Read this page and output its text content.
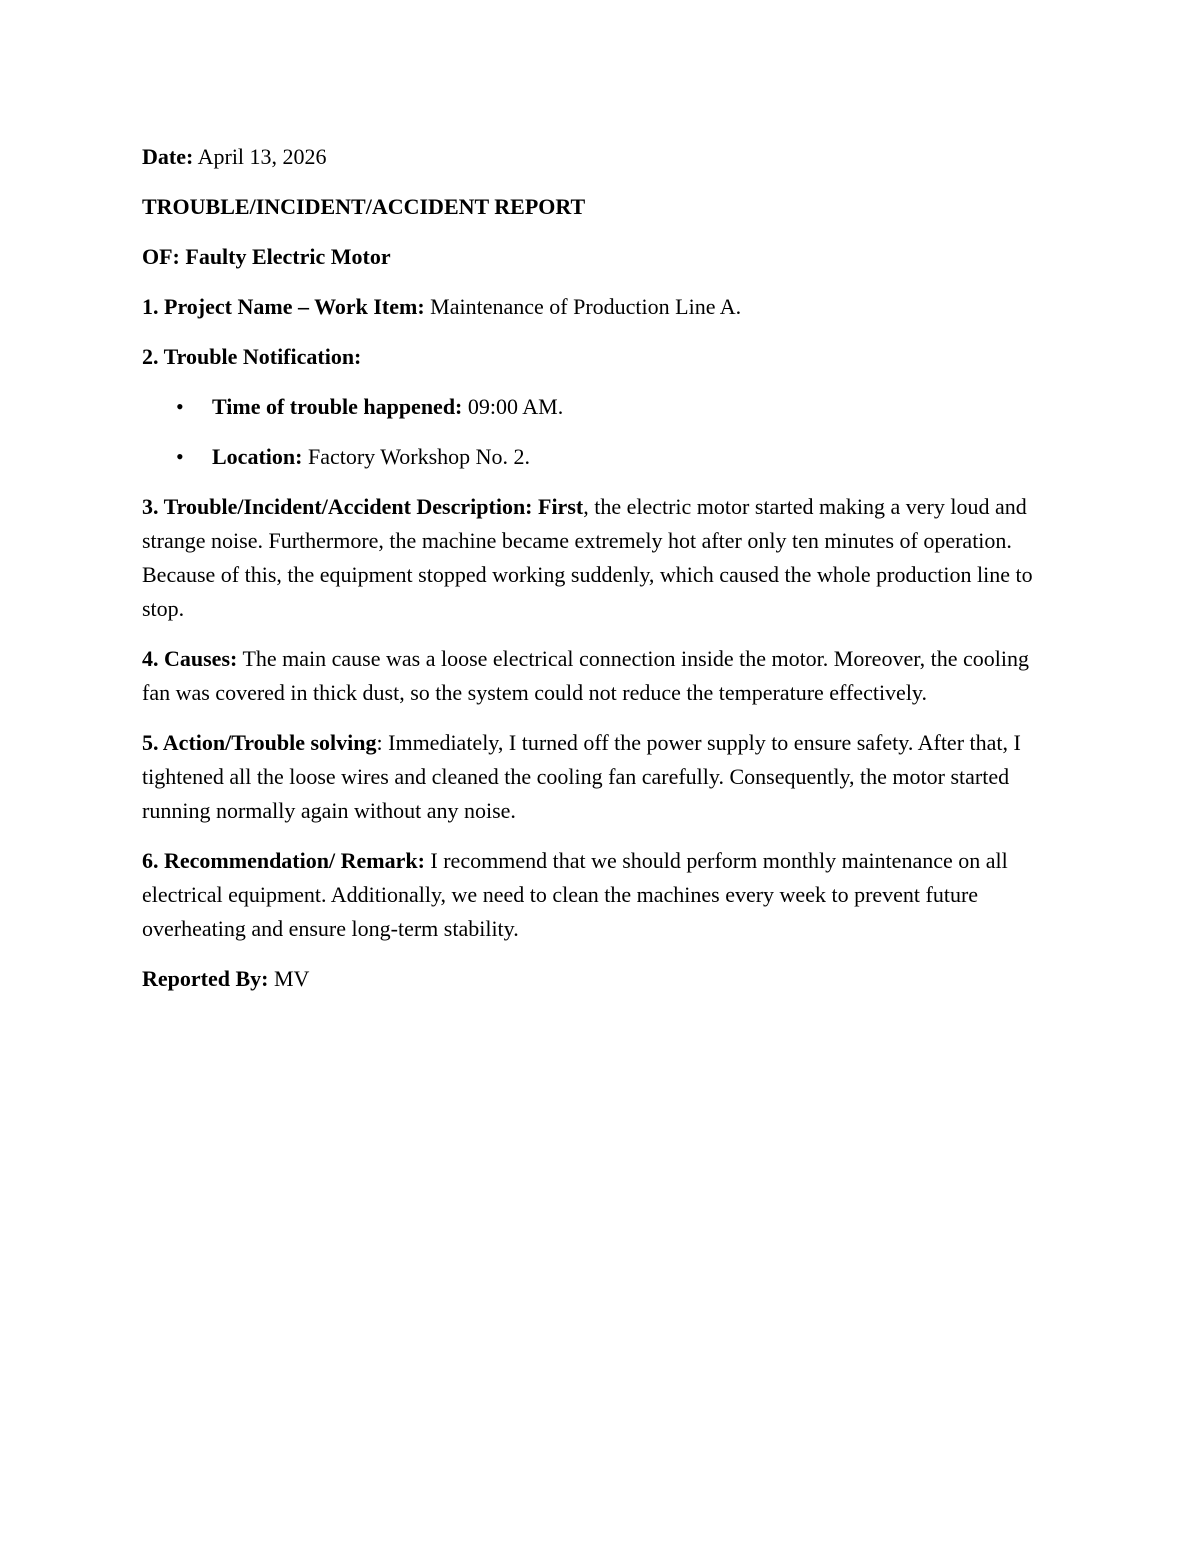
Date: April 13, 2026

TROUBLE/INCIDENT/ACCIDENT REPORT

OF: Faulty Electric Motor

1. Project Name – Work Item: Maintenance of Production Line A.

2. Trouble Notification:

• Time of trouble happened: 09:00 AM.
• Location: Factory Workshop No. 2.

3. Trouble/Incident/Accident Description: First, the electric motor started making a very loud and strange noise. Furthermore, the machine became extremely hot after only ten minutes of operation. Because of this, the equipment stopped working suddenly, which caused the whole production line to stop.

4. Causes: The main cause was a loose electrical connection inside the motor. Moreover, the cooling fan was covered in thick dust, so the system could not reduce the temperature effectively.

5. Action/Trouble solving: Immediately, I turned off the power supply to ensure safety. After that, I tightened all the loose wires and cleaned the cooling fan carefully. Consequently, the motor started running normally again without any noise.

6. Recommendation/ Remark: I recommend that we should perform monthly maintenance on all electrical equipment. Additionally, we need to clean the machines every week to prevent future overheating and ensure long-term stability.

Reported By: MV
